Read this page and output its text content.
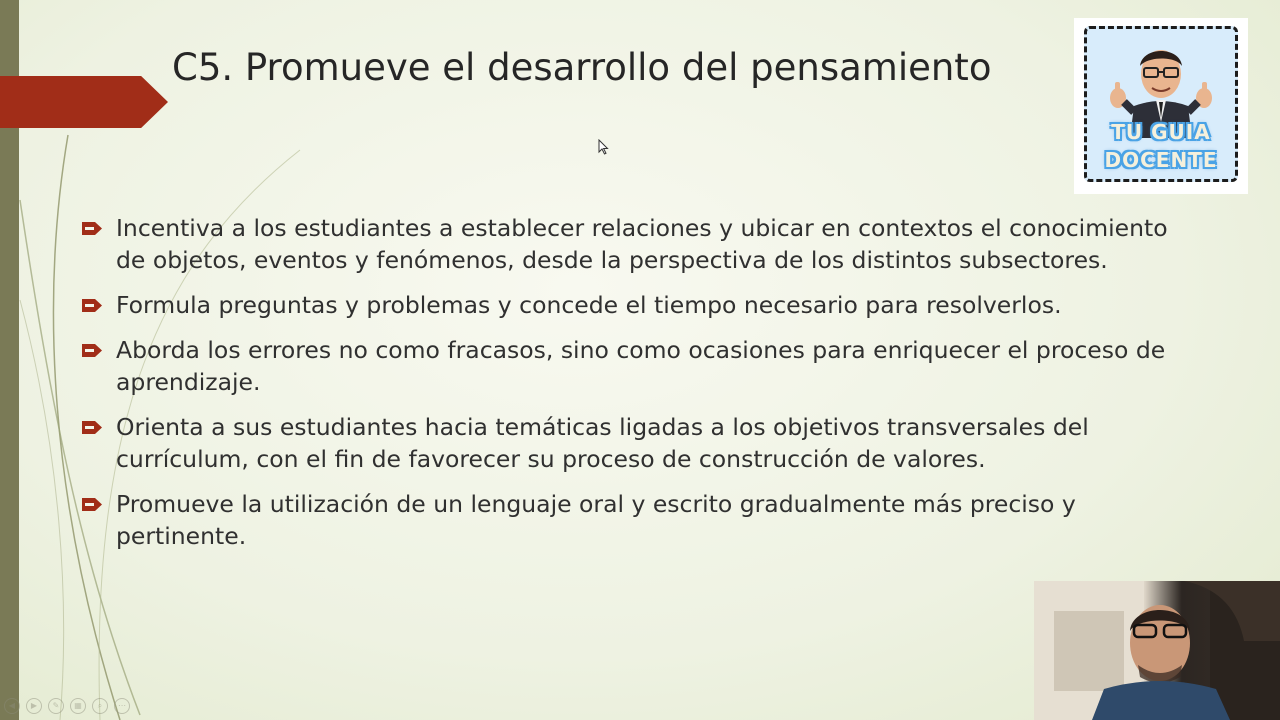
C5. Promueve el desarrollo del pensamiento
Incentiva a los estudiantes a establecer relaciones y ubicar en contextos el conocimiento de objetos, eventos y fenómenos, desde la perspectiva de los distintos subsectores.
Formula preguntas y problemas y concede el tiempo necesario para resolverlos.
Aborda los errores no como fracasos, sino como ocasiones para enriquecer el proceso de aprendizaje.
Orienta a sus estudiantes hacia temáticas ligadas a los objetivos transversales del currículum, con el fin de favorecer su proceso de construcción de valores.
Promueve la utilización de un lenguaje oral y escrito gradualmente más preciso y pertinente.
TU GUIA
DOCENTE
◀	▶	✎	▦	⌕	⋯
